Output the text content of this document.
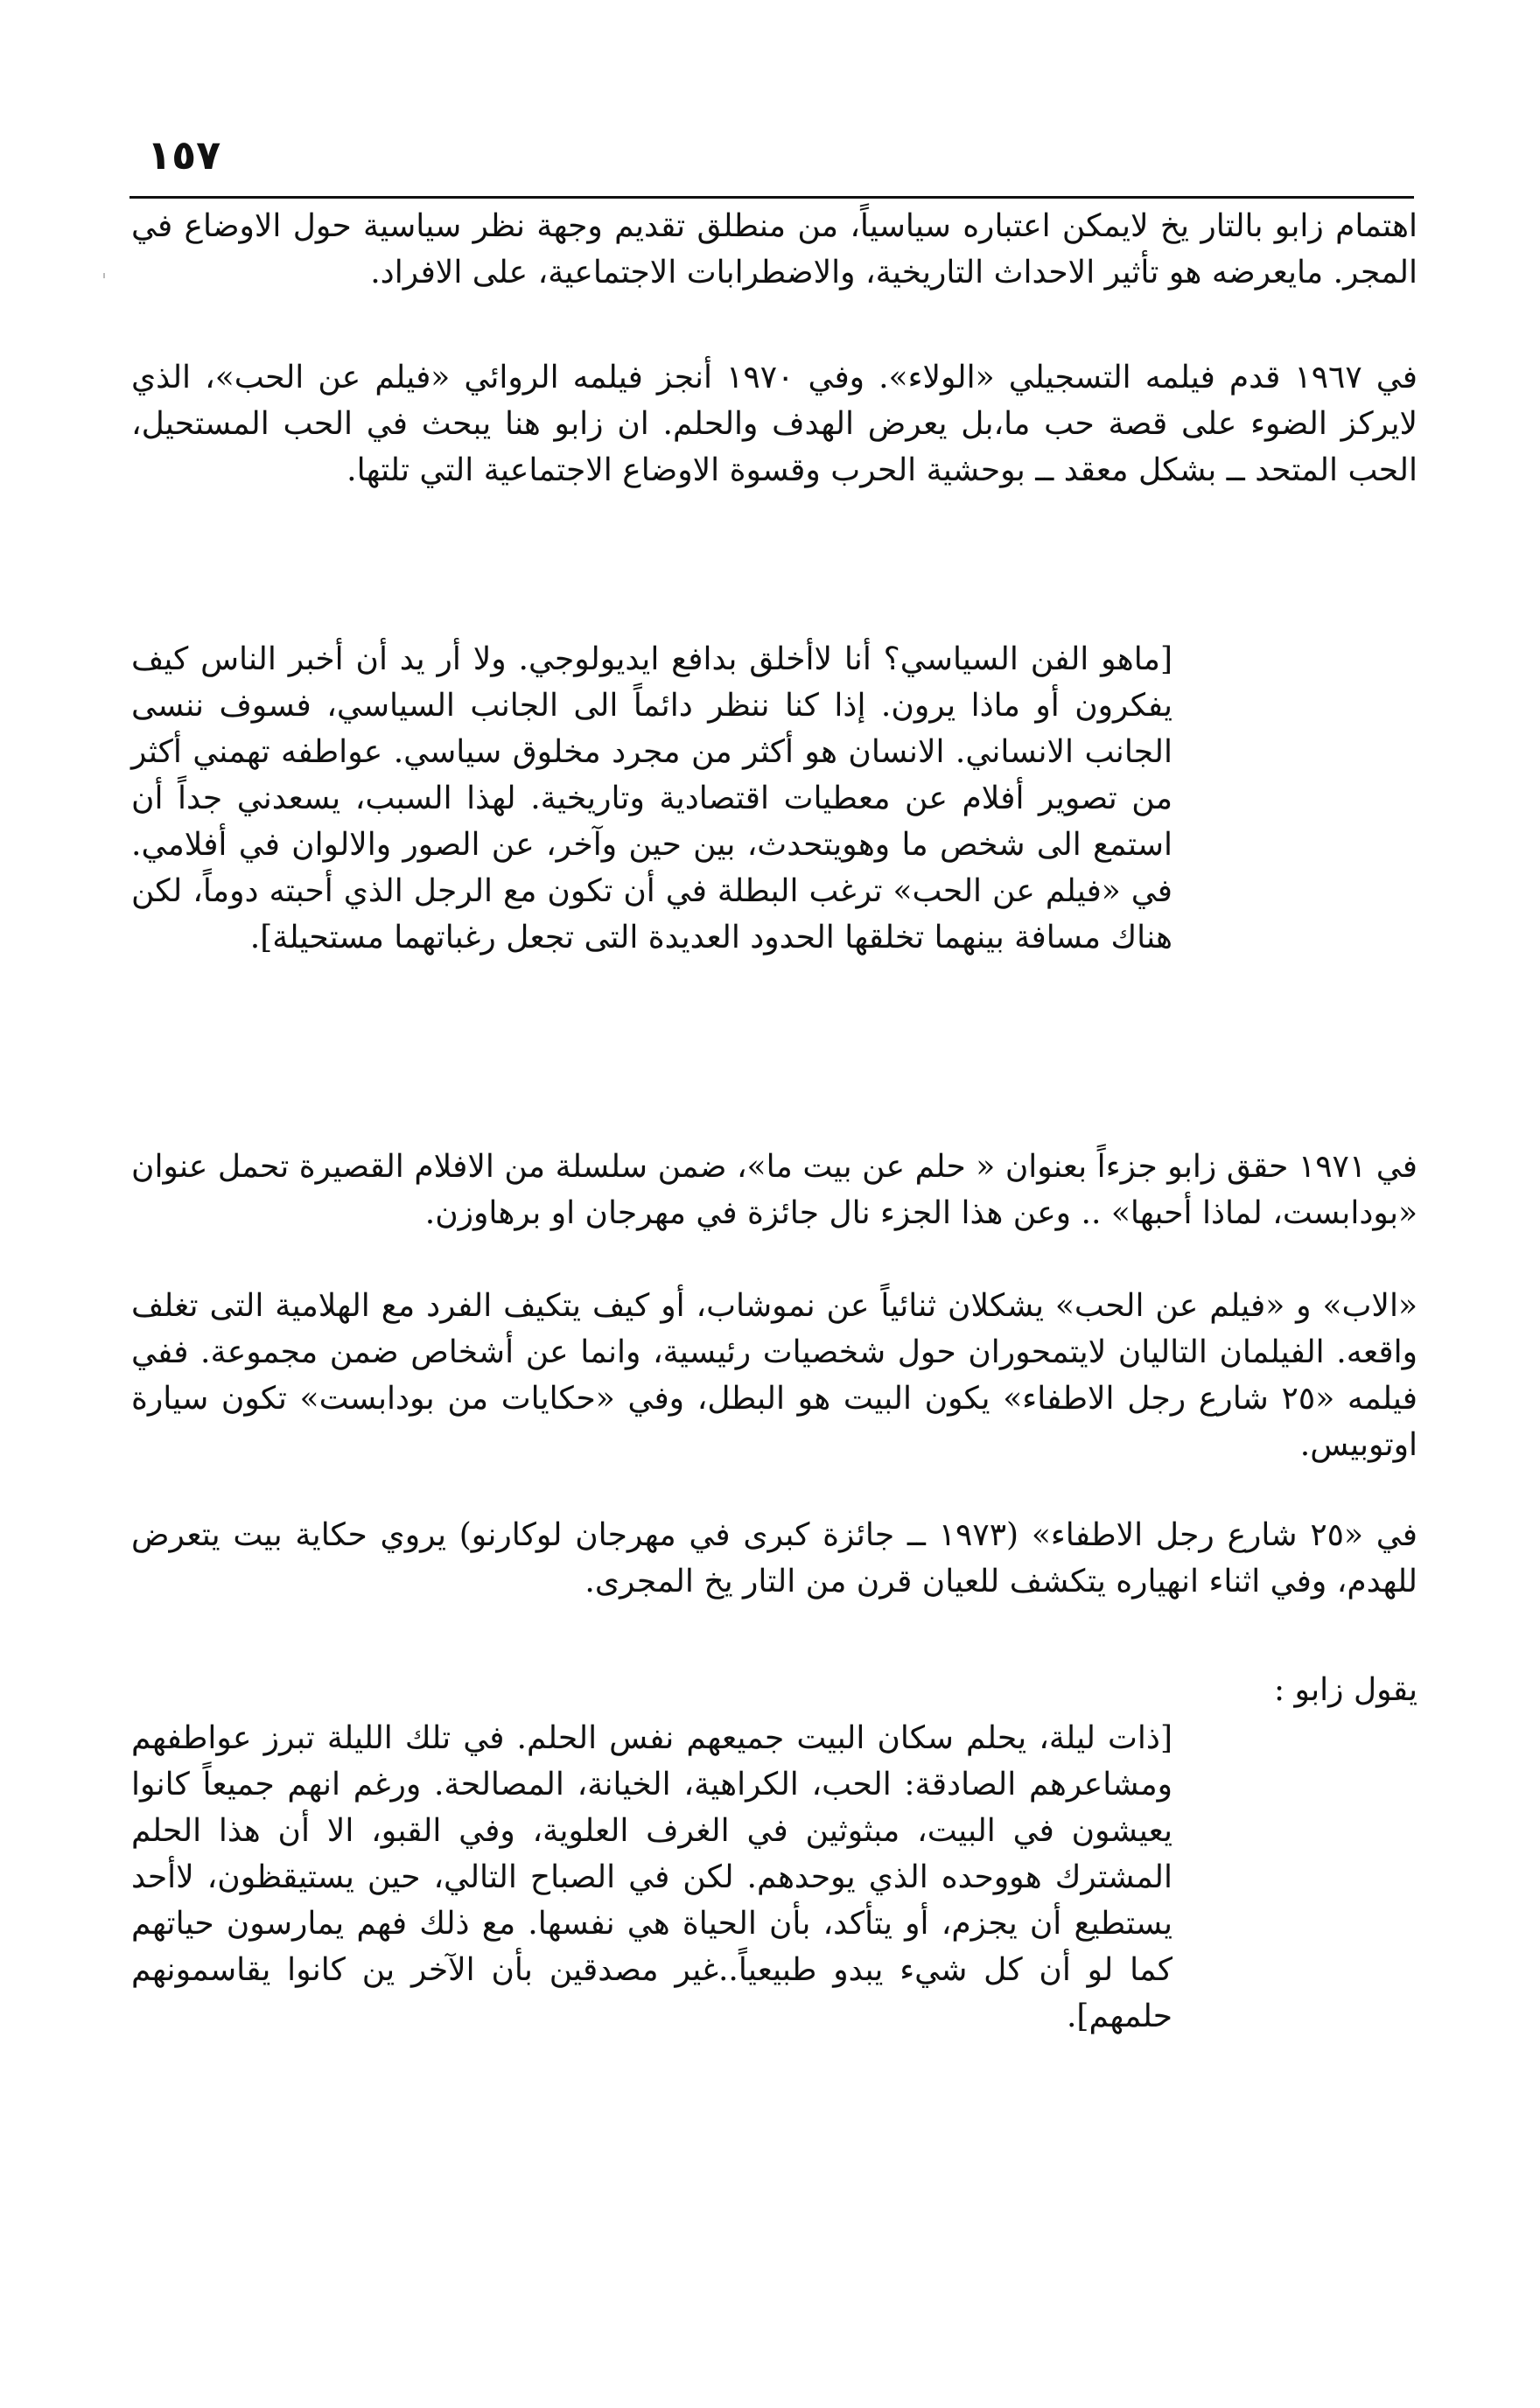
١٥٧

اهتمام زابو بالتار يخ لايمكن اعتباره سياسياً، من منطلق تقديم وجهة نظر سياسية حول الاوضاع في المجر. مايعرضه هو تأثير الاحداث التاريخية، والاضطرابات الاجتماعية، على الافراد.

في ١٩٦٧ قدم فيلمه التسجيلي «الولاء». وفي ١٩٧٠ أنجز فيلمه الروائي «فيلم عن الحب»، الذي لايركز الضوء على قصة حب ما،بل يعرض الهدف والحلم. ان زابو هنا يبحث في الحب المستحيل، الحب المتحد ــ بشكل معقد ــ بوحشية الحرب وقسوة الاوضاع الاجتماعية التي تلتها.

[ماهو الفن السياسي؟ أنا لاأخلق بدافع ايديولوجي. ولا أر يد أن أخبر الناس كيف يفكرون أو ماذا يرون. إذا كنا ننظر دائماً الى الجانب السياسي، فسوف ننسى الجانب الانساني. الانسان هو أكثر من مجرد مخلوق سياسي. عواطفه تهمني أكثر من تصوير أفلام عن معطيات اقتصادية وتاريخية. لهذا السبب، يسعدني جداً أن استمع الى شخص ما وهويتحدث، بين حين وآخر، عن الصور والالوان في أفلامي. في «فيلم عن الحب» ترغب البطلة في أن تكون مع الرجل الذي أحبته دوماً، لكن هناك مسافة بينهما تخلقها الحدود العديدة التى تجعل رغباتهما مستحيلة].

في ١٩٧١ حقق زابو جزءاً بعنوان « حلم عن بيت ما»، ضمن سلسلة من الافلام القصيرة تحمل عنوان «بودابست، لماذا أحبها» .. وعن هذا الجزء نال جائزة في مهرجان او برهاوزن.

«الاب» و «فيلم عن الحب» يشكلان ثنائياً عن نموشاب، أو كيف يتكيف الفرد مع الهلامية التى تغلف واقعه. الفيلمان التاليان لايتمحوران حول شخصيات رئيسية، وانما عن أشخاص ضمن مجموعة. ففي فيلمه «٢٥ شارع رجل الاطفاء» يكون البيت هو البطل، وفي «حكايات من بودابست» تكون سيارة اوتوبيس.

في «٢٥ شارع رجل الاطفاء» (١٩٧٣ ــ جائزة كبرى في مهرجان لوكارنو) يروي حكاية بيت يتعرض للهدم، وفي اثناء انهياره يتكشف للعيان قرن من التار يخ المجرى.

يقول زابو :

[ذات ليلة، يحلم سكان البيت جميعهم نفس الحلم. في تلك الليلة تبرز عواطفهم ومشاعرهم الصادقة: الحب، الكراهية، الخيانة، المصالحة. ورغم انهم جميعاً كانوا يعيشون في البيت، مبثوثين في الغرف العلوية، وفي القبو، الا أن هذا الحلم المشترك هووحده الذي يوحدهم. لكن في الصباح التالي، حين يستيقظون، لاأحد يستطيع أن يجزم، أو يتأكد، بأن الحياة هي نفسها. مع ذلك فهم يمارسون حياتهم كما لو أن كل شيء يبدو طبيعياً..غير مصدقين بأن الآخر ين كانوا يقاسمونهم حلمهم].
